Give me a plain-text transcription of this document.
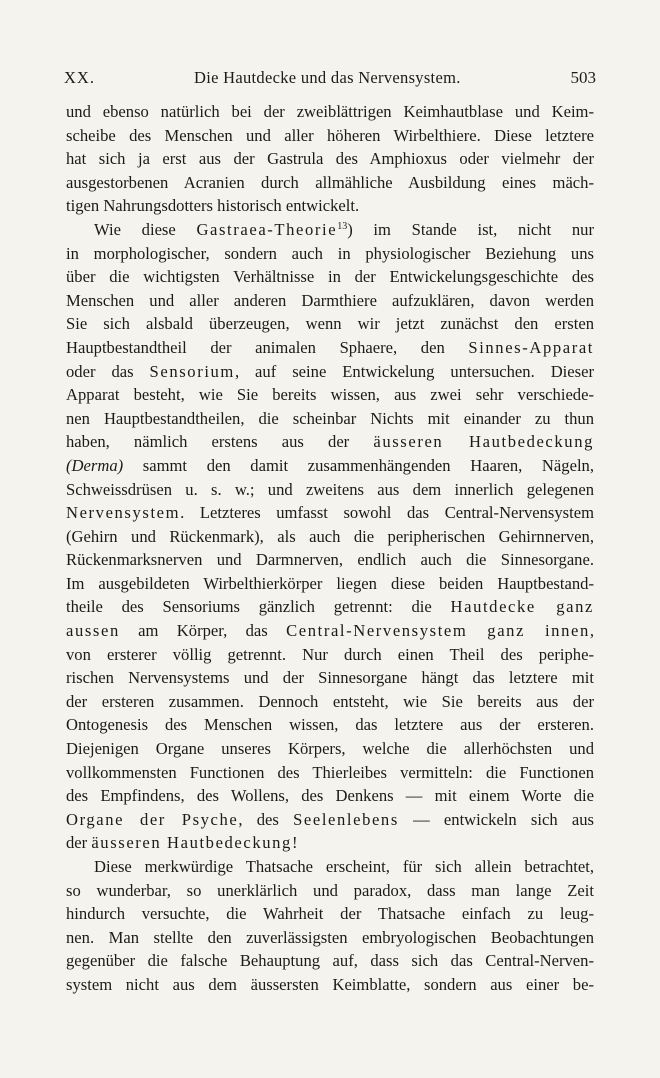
XX.	Die Hautdecke und das Nervensystem.	503

und ebenso natürlich bei der zweiblättrigen Keimhautblase und Keim-

scheibe des Menschen und aller höheren Wirbelthiere. Diese letztere

hat sich ja erst aus der Gastrula des Amphioxus oder vielmehr der

ausgestorbenen Acranien durch allmähliche Ausbildung eines mäch-

tigen Nahrungsdotters historisch entwickelt.

Wie diese Gastraea-Theorie$^{13}$) im Stande ist, nicht nur

in morphologischer, sondern auch in physiologischer Beziehung uns

über die wichtigsten Verhältnisse in der Entwickelungsgeschichte des

Menschen und aller anderen Darmthiere aufzuklären, davon werden

Sie sich alsbald überzeugen, wenn wir jetzt zunächst den ersten

Hauptbestandtheil der animalen Sphaere, den Sinnes-Apparat

oder das Sensorium, auf seine Entwickelung untersuchen. Dieser

Apparat besteht, wie Sie bereits wissen, aus zwei sehr verschiede-

nen Hauptbestandtheilen, die scheinbar Nichts mit einander zu thun

haben, nämlich erstens aus der äusseren Hautbedeckung

(Derma) sammt den damit zusammenhängenden Haaren, Nägeln,

Schweissdrüsen u. s. w.; und zweitens aus dem innerlich gelegenen

Nervensystem. Letzteres umfasst sowohl das Central-Nervensystem

(Gehirn und Rückenmark), als auch die peripherischen Gehirnnerven,

Rückenmarksnerven und Darmnerven, endlich auch die Sinnesorgane.

Im ausgebildeten Wirbelthierkörper liegen diese beiden Hauptbestand-

theile des Sensoriums gänzlich getrennt: die Hautdecke ganz

aussen am Körper, das Central-Nervensystem ganz innen,

von ersterer völlig getrennt. Nur durch einen Theil des periphe-

rischen Nervensystems und der Sinnesorgane hängt das letztere mit

der ersteren zusammen. Dennoch entsteht, wie Sie bereits aus der

Ontogenesis des Menschen wissen, das letztere aus der ersteren.

Diejenigen Organe unseres Körpers, welche die allerhöchsten und

vollkommensten Functionen des Thierleibes vermitteln: die Functionen

des Empfindens, des Wollens, des Denkens — mit einem Worte die

Organe der Psyche, des Seelenlebens — entwickeln sich aus

der äusseren Hautbedeckung!

Diese merkwürdige Thatsache erscheint, für sich allein betrachtet,

so wunderbar, so unerklärlich und paradox, dass man lange Zeit

hindurch versuchte, die Wahrheit der Thatsache einfach zu leug-

nen. Man stellte den zuverlässigsten embryologischen Beobachtungen

gegenüber die falsche Behauptung auf, dass sich das Central-Nerven-

system nicht aus dem äussersten Keimblatte, sondern aus einer be-
